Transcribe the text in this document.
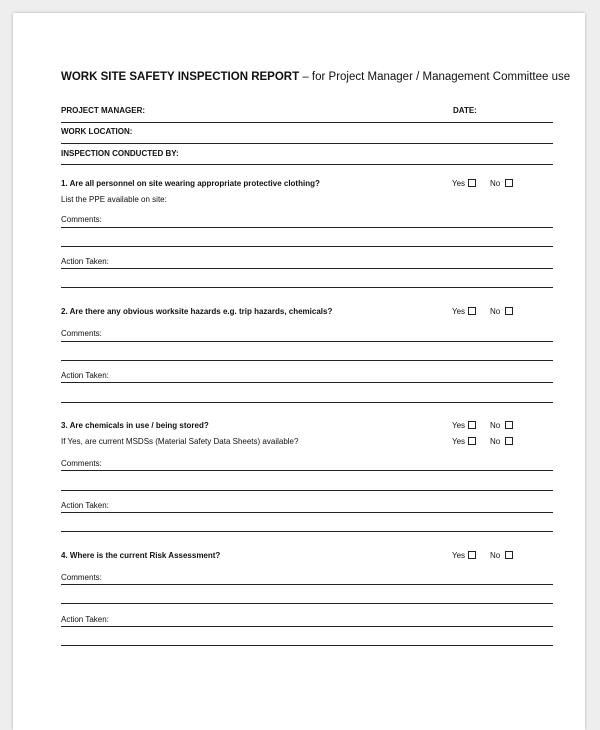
WORK SITE SAFETY INSPECTION REPORT – for Project Manager / Management Committee use
PROJECT MANAGER:	DATE:
WORK LOCATION:
INSPECTION CONDUCTED BY:
1. Are all personnel on site wearing appropriate protective clothing?	Yes	No
List the PPE available on site:
Comments:
Action Taken:
2. Are there any obvious worksite hazards e.g. trip hazards, chemicals?	Yes	No
Comments:
Action Taken:
3. Are chemicals in use / being stored?	Yes	No
If Yes, are current MSDSs (Material Safety Data Sheets) available?	Yes	No
Comments:
Action Taken:
4. Where is the current Risk Assessment?	Yes	No
Comments:
Action Taken:
